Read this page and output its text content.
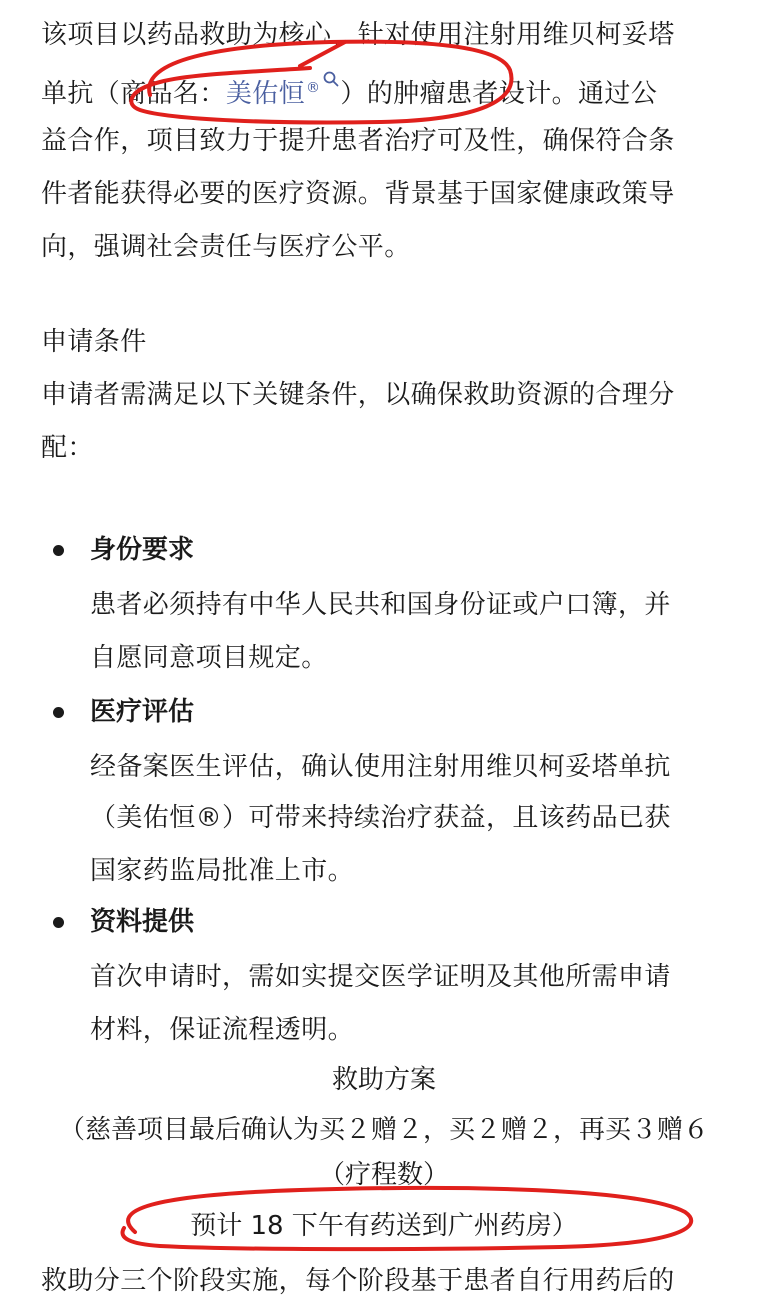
该项目以药品救助为核心，针对使用注射用维贝柯妥塔
单抗（商品名：美佑恒® ）的肿瘤患者设计。通过公
益合作，项目致力于提升患者治疗可及性，确保符合条
件者能获得必要的医疗资源。背景基于国家健康政策导
向，强调社会责任与医疗公平。
申请条件
申请者需满足以下关键条件，以确保救助资源的合理分
配：
身份要求
患者必须持有中华人民共和国身份证或户口簿，并
自愿同意项目规定。
医疗评估
经备案医生评估，确认使用注射用维贝柯妥塔单抗
（美佑恒®）可带来持续治疗获益，且该药品已获
国家药监局批准上市。
资料提供
首次申请时，需如实提交医学证明及其他所需申请
材料，保证流程透明。
救助方案
（慈善项目最后确认为买２赠２，买２赠２，再买３赠６
（疗程数）
预计 18 下午有药送到广州药房）
救助分三个阶段实施，每个阶段基于患者自行用药后的
